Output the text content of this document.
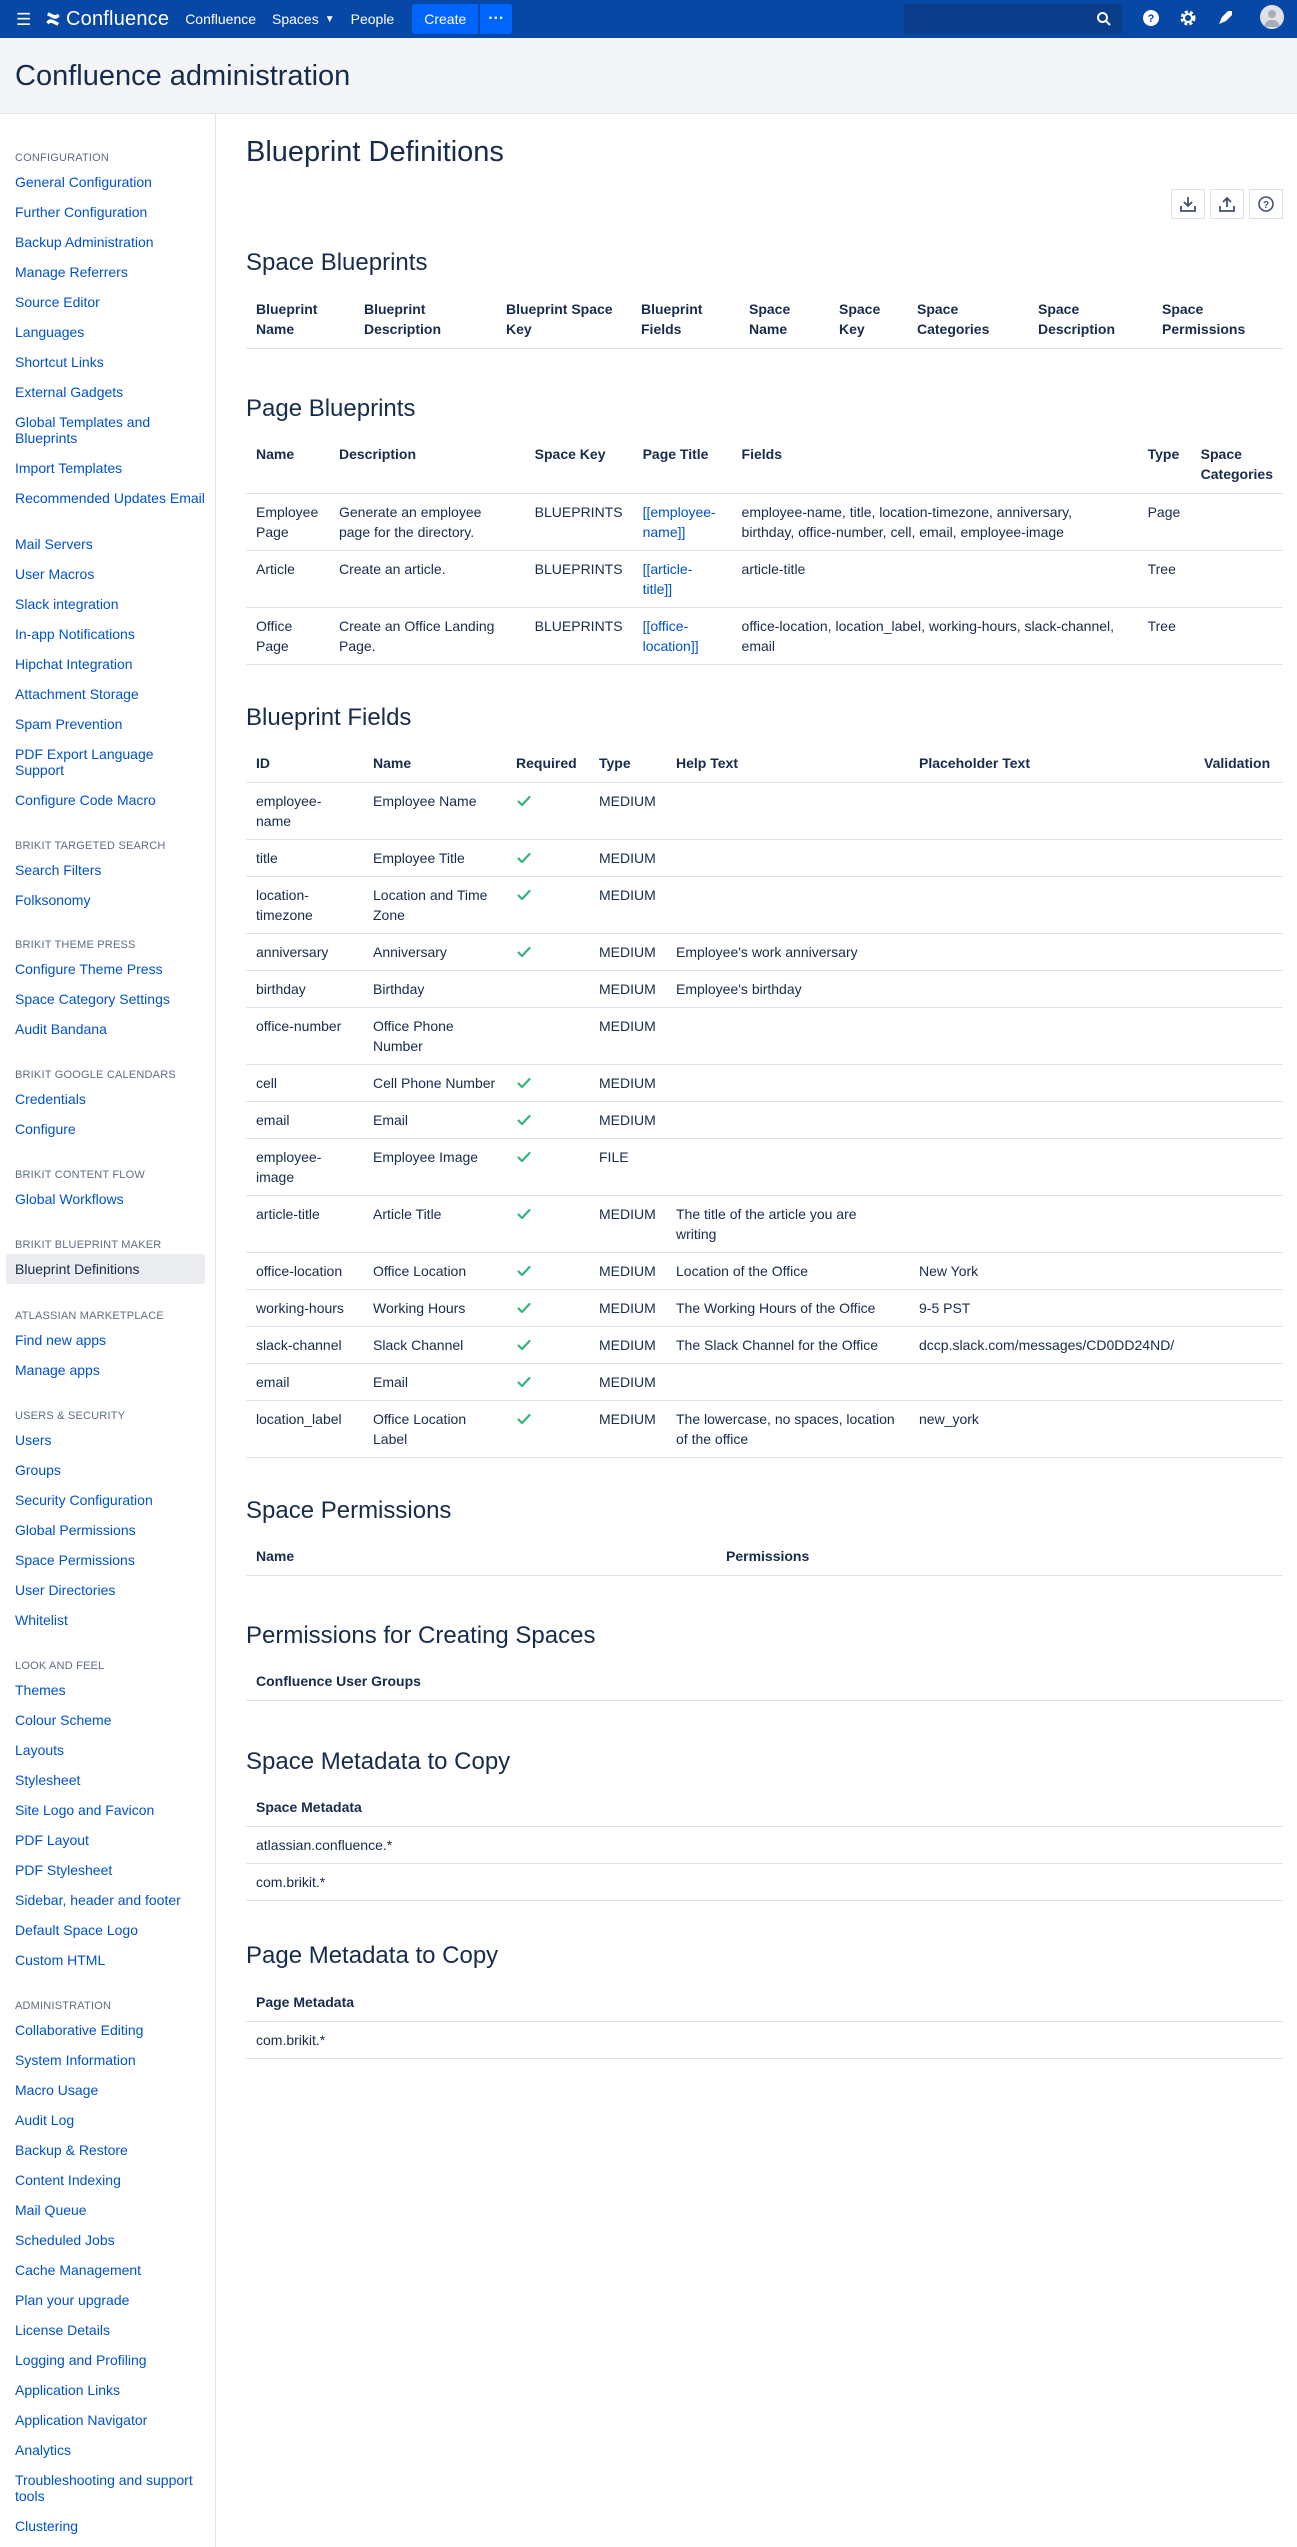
☰ Confluence Confluence Spaces ▼ People	Create	···	?
Confluence administration
CONFIGURATION
General Configuration
Further Configuration
Backup Administration
Manage Referrers
Source Editor
Languages
Shortcut Links
External Gadgets
Global Templates and Blueprints
Import Templates
Recommended Updates Email
Mail Servers
User Macros
Slack integration
In-app Notifications
Hipchat Integration
Attachment Storage
Spam Prevention
PDF Export Language Support
Configure Code Macro
BRIKIT TARGETED SEARCH
Search Filters
Folksonomy
BRIKIT THEME PRESS
Configure Theme Press
Space Category Settings
Audit Bandana
BRIKIT GOOGLE CALENDARS
Credentials
Configure
BRIKIT CONTENT FLOW
Global Workflows
BRIKIT BLUEPRINT MAKER
Blueprint Definitions
ATLASSIAN MARKETPLACE
Find new apps
Manage apps
USERS & SECURITY
Users
Groups
Security Configuration
Global Permissions
Space Permissions
User Directories
Whitelist
LOOK AND FEEL
Themes
Colour Scheme
Layouts
Stylesheet
Site Logo and Favicon
PDF Layout
PDF Stylesheet
Sidebar, header and footer
Default Space Logo
Custom HTML
ADMINISTRATION
Collaborative Editing
System Information
Macro Usage
Audit Log
Backup & Restore
Content Indexing
Mail Queue
Scheduled Jobs
Cache Management
Plan your upgrade
License Details
Logging and Profiling
Application Links
Application Navigator
Analytics
Troubleshooting and support tools
Clustering
Blueprint Definitions
?
Space Blueprints
Blueprint Name	Blueprint Description	Blueprint Space Key	Blueprint Fields	Space Name	Space Key	Space Categories	Space Description	Space Permissions
Page Blueprints
Name	Description	Space Key	Page Title	Fields	Type	Space Categories
Employee Page	Generate an employee page for the directory.	BLUEPRINTS	[[employee-name]]	employee-name, title, location-timezone, anniversary, birthday, office-number, cell, email, employee-image	Page	
Article	Create an article.	BLUEPRINTS	[[article-title]]	article-title	Tree	
Office Page	Create an Office Landing Page.	BLUEPRINTS	[[office-location]]	office-location, location_label, working-hours, slack-channel, email	Tree	
Blueprint Fields
ID	Name	Required	Type	Help Text	Placeholder Text	Validation
employee-name	Employee Name		MEDIUM			
title	Employee Title		MEDIUM			
location-timezone	Location and Time Zone		MEDIUM			
anniversary	Anniversary		MEDIUM	Employee's work anniversary		
birthday	Birthday		MEDIUM	Employee's birthday		
office-number	Office Phone Number		MEDIUM			
cell	Cell Phone Number		MEDIUM			
email	Email		MEDIUM			
employee-image	Employee Image		FILE			
article-title	Article Title		MEDIUM	The title of the article you are writing		
office-location	Office Location		MEDIUM	Location of the Office	New York	
working-hours	Working Hours		MEDIUM	The Working Hours of the Office	9-5 PST	
slack-channel	Slack Channel		MEDIUM	The Slack Channel for the Office	dccp.slack.com/messages/CD0DD24ND/	
email	Email		MEDIUM			
location_label	Office Location Label		MEDIUM	The lowercase, no spaces, location of the office	new_york	
Space Permissions
Name	Permissions
Permissions for Creating Spaces
Confluence User Groups
Space Metadata to Copy
Space Metadata
atlassian.confluence.*
com.brikit.*
Page Metadata to Copy
Page Metadata
com.brikit.*
